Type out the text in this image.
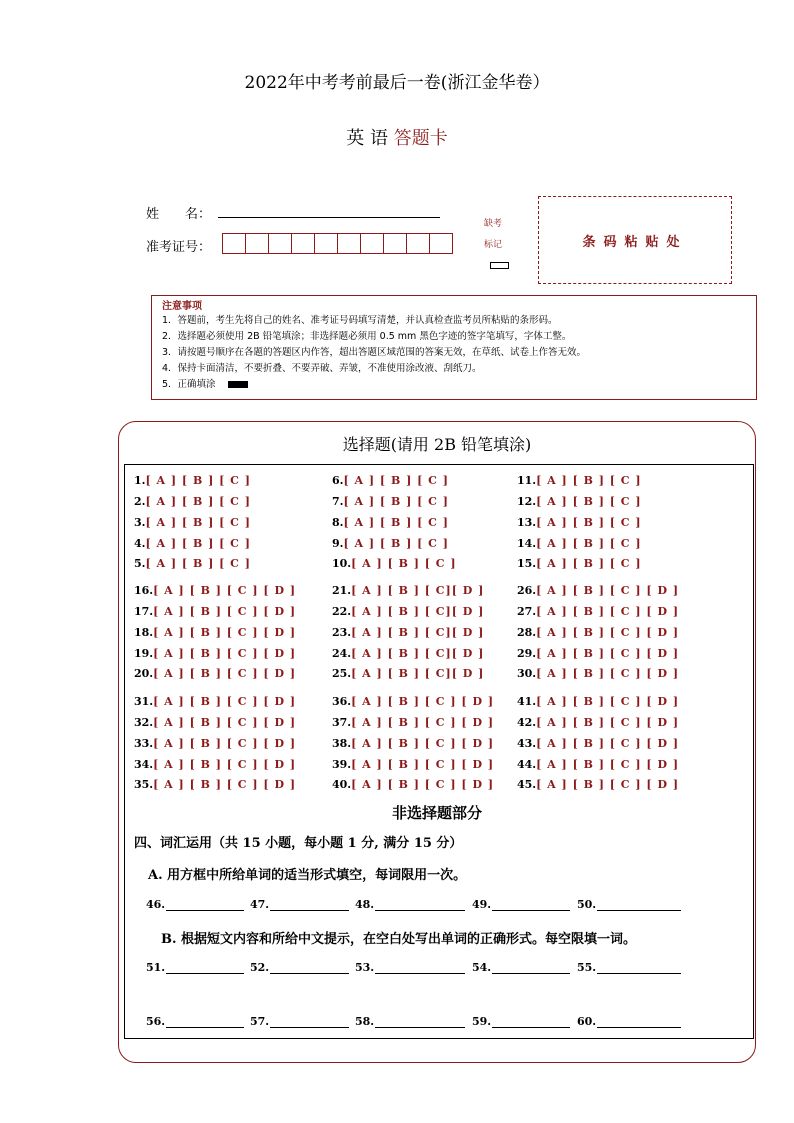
2022年中考考前最后一卷(浙江金华卷）
英 语 答题卡
姓　　名：
准考证号：
缺考
标记	条码粘贴处
注意事项
1．答题前，考生先将自己的姓名、准考证号码填写清楚，并认真检查监考员所粘贴的条形码。
2．选择题必须使用 2B 铅笔填涂；非选择题必须用 0.5 mm 黑色字迹的签字笔填写，字体工整。
3．请按题号顺序在各题的答题区内作答，超出答题区域范围的答案无效，在草纸、试卷上作答无效。
4．保持卡面清洁，不要折叠、不要弄破、弄皱，不准使用涂改液、刮纸刀。
5．正确填涂
选择题(请用 2B 铅笔填涂)
1.[ A ] [ B ] [ C ]
2.[ A ] [ B ] [ C ]
3.[ A ] [ B ] [ C ]
4.[ A ] [ B ] [ C ]
5.[ A ] [ B ] [ C ]
6.[ A ] [ B ] [ C ]
7.[ A ] [ B ] [ C ]
8.[ A ] [ B ] [ C ]
9.[ A ] [ B ] [ C ]
10.[ A ] [ B ] [ C ]
11.[ A ] [ B ] [ C ]
12.[ A ] [ B ] [ C ]
13.[ A ] [ B ] [ C ]
14.[ A ] [ B ] [ C ]
15.[ A ] [ B ] [ C ]
16.[ A ] [ B ] [ C ] [ D ]
17.[ A ] [ B ] [ C ] [ D ]
18.[ A ] [ B ] [ C ] [ D ]
19.[ A ] [ B ] [ C ] [ D ]
20.[ A ] [ B ] [ C ] [ D ]
21.[ A ] [ B ] [ C][ D ]
22.[ A ] [ B ] [ C][ D ]
23.[ A ] [ B ] [ C][ D ]
24.[ A ] [ B ] [ C][ D ]
25.[ A ] [ B ] [ C][ D ]
26.[ A ] [ B ] [ C ] [ D ]
27.[ A ] [ B ] [ C ] [ D ]
28.[ A ] [ B ] [ C ] [ D ]
29.[ A ] [ B ] [ C ] [ D ]
30.[ A ] [ B ] [ C ] [ D ]
31.[ A ] [ B ] [ C ] [ D ]
32.[ A ] [ B ] [ C ] [ D ]
33.[ A ] [ B ] [ C ] [ D ]
34.[ A ] [ B ] [ C ] [ D ]
35.[ A ] [ B ] [ C ] [ D ]
36.[ A ] [ B ] [ C ] [ D ]
37.[ A ] [ B ] [ C ] [ D ]
38.[ A ] [ B ] [ C ] [ D ]
39.[ A ] [ B ] [ C ] [ D ]
40.[ A ] [ B ] [ C ] [ D ]
41.[ A ] [ B ] [ C ] [ D ]
42.[ A ] [ B ] [ C ] [ D ]
43.[ A ] [ B ] [ C ] [ D ]
44.[ A ] [ B ] [ C ] [ D ]
45.[ A ] [ B ] [ C ] [ D ]
非选择题部分
四、词汇运用（共 15 小题，每小题 1 分, 满分 15 分）
A. 用方框中所给单词的适当形式填空，每词限用一次。
B. 根据短文内容和所给中文提示，在空白处写出单词的正确形式。每空限填一词。
46.	47.	48.	49.	50.
51.	52.	53.	54.	55.
56.	57.	58.	59.	60.
